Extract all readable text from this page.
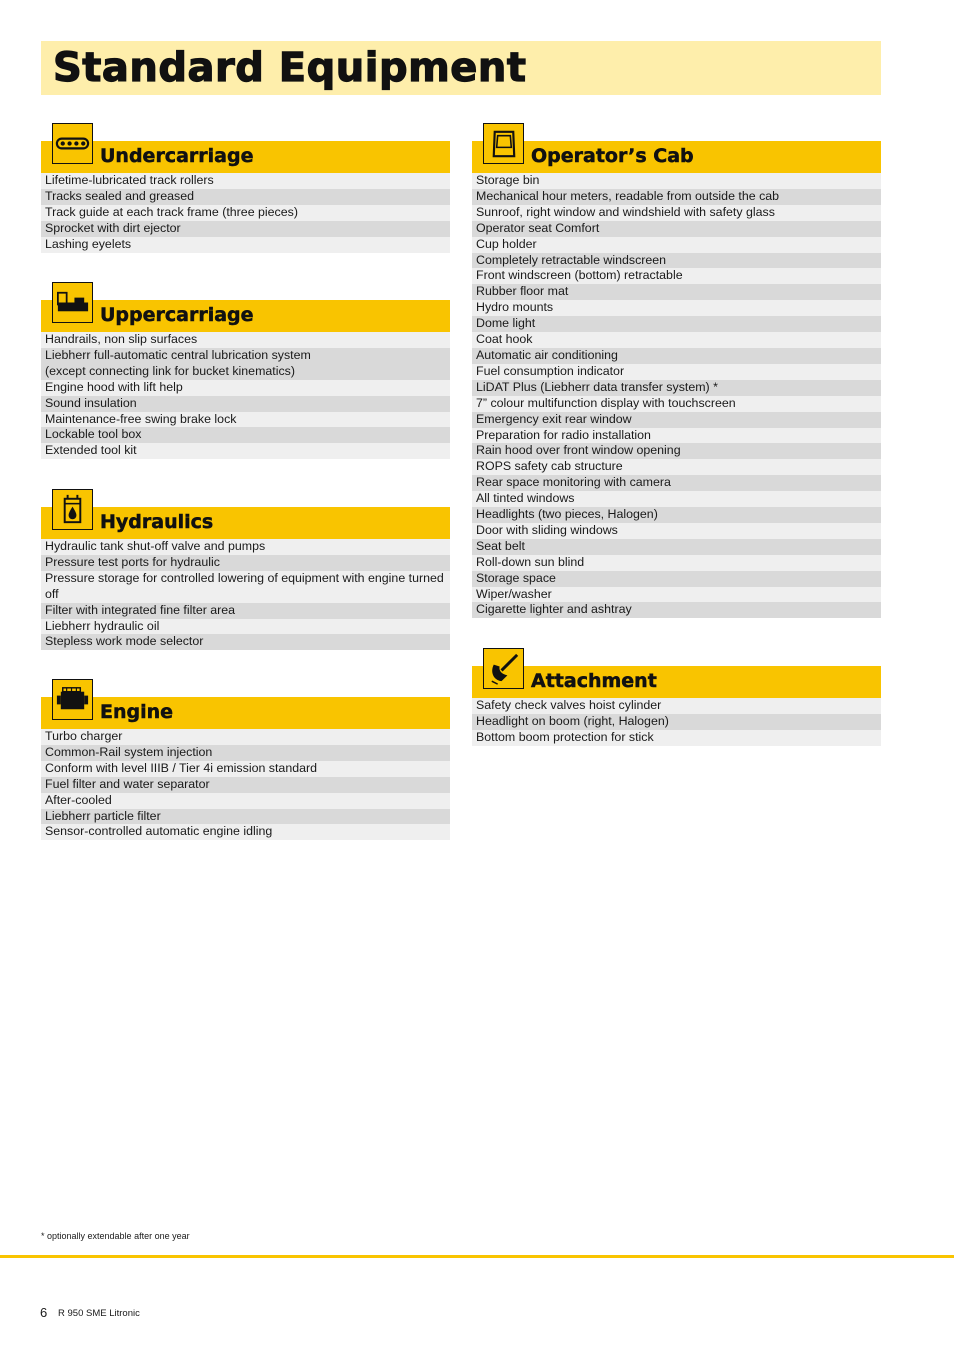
Standard Equipment
Undercarriage
Lifetime-lubricated track rollers
Tracks sealed and greased
Track guide at each track frame (three pieces)
Sprocket with dirt ejector
Lashing eyelets
Uppercarriage
Handrails, non slip surfaces
Liebherr full-automatic central lubrication system
(except connecting link for bucket kinematics)
Engine hood with lift help
Sound insulation
Maintenance-free swing brake lock
Lockable tool box
Extended tool kit
Hydraulics
Hydraulic tank shut-off valve and pumps
Pressure test ports for hydraulic
Pressure storage for controlled lowering of equipment with engine turned off
Filter with integrated fine filter area
Liebherr hydraulic oil
Stepless work mode selector
Engine
Turbo charger
Common-Rail system injection
Conform with level IIIB / Tier 4i emission standard
Fuel filter and water separator
After-cooled
Liebherr particle filter
Sensor-controlled automatic engine idling
Operator’s Cab
Storage bin
Mechanical hour meters, readable from outside the cab
Sunroof, right window and windshield with safety glass
Operator seat Comfort
Cup holder
Completely retractable windscreen
Front windscreen (bottom) retractable
Rubber floor mat
Hydro mounts
Dome light
Coat hook
Automatic air conditioning
Fuel consumption indicator
LiDAT Plus (Liebherr data transfer system) *
7” colour multifunction display with touchscreen
Emergency exit rear window
Preparation for radio installation
Rain hood over front window opening
ROPS safety cab structure
Rear space monitoring with camera
All tinted windows
Headlights (two pieces, Halogen)
Door with sliding windows
Seat belt
Roll-down sun blind
Storage space
Wiper/washer
Cigarette lighter and ashtray
Attachment
Safety check valves hoist cylinder
Headlight on boom (right, Halogen)
Bottom boom protection for stick
* optionally extendable after one year
6 R 950 SME Litronic
